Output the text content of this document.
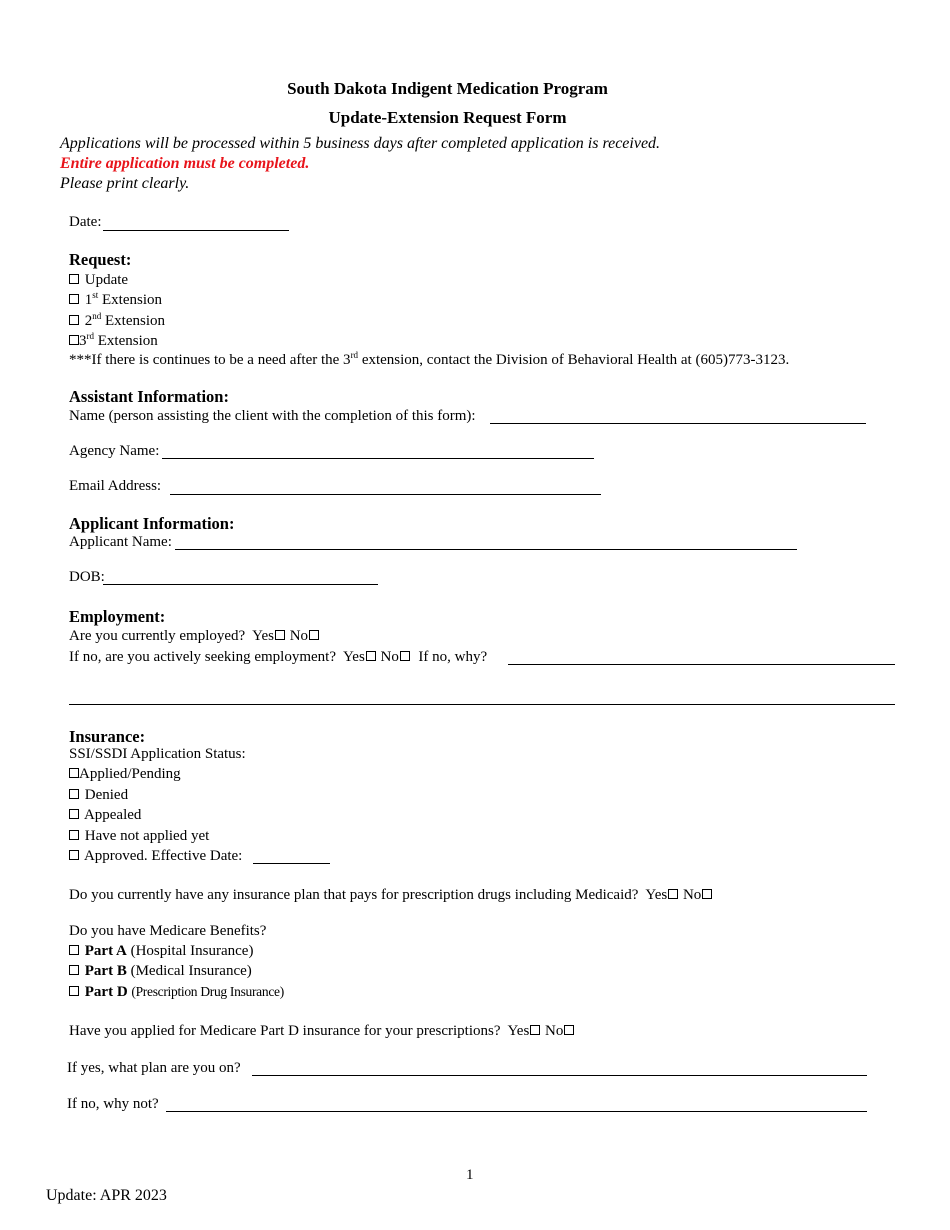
South Dakota Indigent Medication Program
Update-Extension Request Form
Applications will be processed within 5 business days after completed application is received.
Entire application must be completed.
Please print clearly.
Date:
Request:
Update
1st Extension
2nd Extension
3rd Extension
***If there is continues to be a need after the 3rd extension, contact the Division of Behavioral Health at (605)773-3123.
Assistant Information:
Name (person assisting the client with the completion of this form):
Agency Name:
Email Address:
Applicant Information:
Applicant Name:
DOB:
Employment:
Are you currently employed? Yes No
If no, are you actively seeking employment? Yes No If no, why?
Insurance:
SSI/SSDI Application Status:
Applied/Pending
Denied
Appealed
Have not applied yet
Approved. Effective Date:
Do you currently have any insurance plan that pays for prescription drugs including Medicaid? Yes No
Do you have Medicare Benefits?
Part A (Hospital Insurance)
Part B (Medical Insurance)
Part D (Prescription Drug Insurance)
Have you applied for Medicare Part D insurance for your prescriptions? Yes No
If yes, what plan are you on?
If no, why not?
1
Update: APR 2023
